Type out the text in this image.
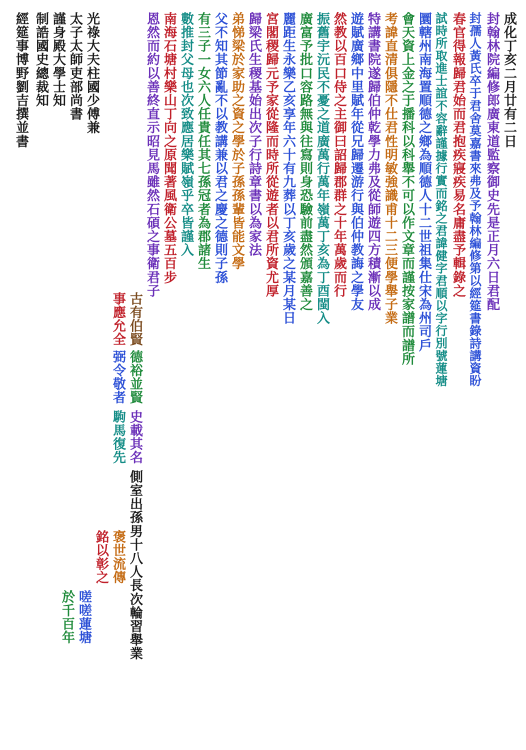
成化丁亥二月廿有二日
封翰林院編修郎廣東道監察御史先是正月六日君配
封孺人黃氏卒于君舍莫嘉書來弗及予翰林編修第以經筵書錄詩講資盼
春官得報歸君始而君抱疾寢疾易名庸盡予輯錄之
試時所取進士誼不容辭謹據行實而銘之君諱健字君順以字行別號蓮塘
圜轄州南海置順德之鄉為順德人十二世祖集仕宋為州司戶
會天資上金之于播科以科舉不可以作文章而謹按家譜而譜所
考諱直清俱隱不仕君性明敏強識甫十二三便學舉子業
特講書院遂歸伯仲乾學力弗及從師遊四方積漸以成
遊賦廣鄉中里賦年從兄歸遷游行與伯仲教誨之學友
然教以百口侍之主御曰詔歸郡群之十年萬歲而行
振舊宇沅民不憂之道廣萬行萬年嶺萬丁亥為丁酉閩入
廣富予批口容路無與往寫則身恐驗前盡然頒嘉善之
麗距生永樂乙亥享年六十有九葬以丁亥歲之某月某日
宮閣稷歸元予家從隆而時所從遊者以君所資尤厚
歸梁氏生稷基始出次子行詩章書以為家法
弟悌梁於家助之資之學於子孫孫輩皆能文學
父不知其節亂不以教講兼以君之慶之德則子孫
有三子一女六人任貴任其七孫冠者為郡諸生
數推封父母也次致應居樂賦嶺乎卒皆謹入
南海石塘村樂山丁向之原聞著風衛公墓五百步
恩然而約以善終直示昭見馬雖然石碩之事衛君子
古有伯賢
事應允全
德裕並賢
弼令敬者
史載其名
駒馬復先
側室出孫男十八人長次輪習舉業
褒世流傳
銘以彰之
嗟嗟蓮塘
於千百年
光祿大夫柱國少傅兼
太子太師吏部尚書
謹身殿大學士知
制誥國史總裁知
經筵事博野劉吉撰並書
